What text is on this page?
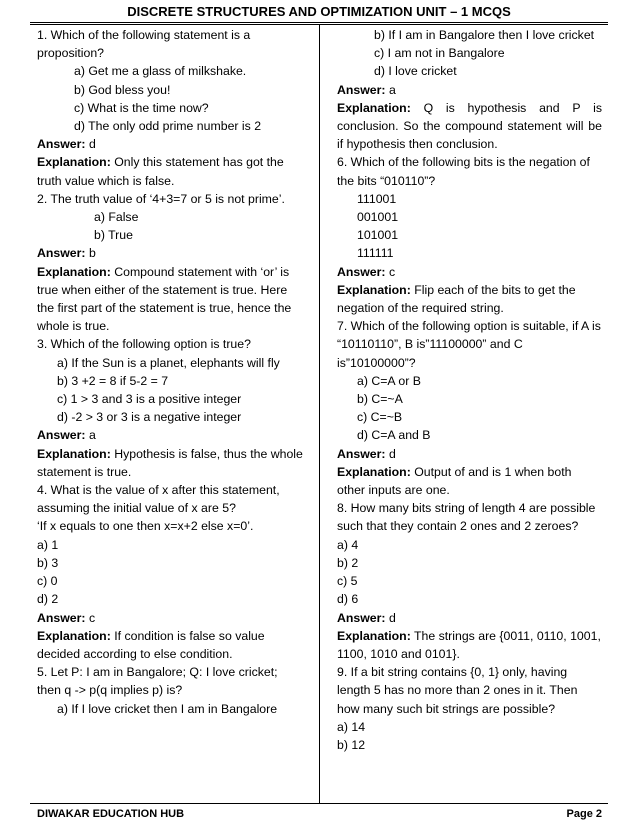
DISCRETE STRUCTURES AND OPTIMIZATION UNIT – 1 MCQS

1. Which of the following statement is a proposition?

a) Get me a glass of milkshake.

b) God bless you!

c) What is the time now?

d) The only odd prime number is 2

Answer: d

Explanation: Only this statement has got the truth value which is false.

2. The truth value of ‘4+3=7 or 5 is not prime’.

a) False

b) True

Answer: b

Explanation: Compound statement with ‘or’ is true when either of the statement is true. Here the first part of the statement is true, hence the whole is true.

3. Which of the following option is true?

a) If the Sun is a planet, elephants will fly

b) 3 +2 = 8 if 5-2 = 7

c) 1 > 3 and 3 is a positive integer

d) -2 > 3 or 3 is a negative integer

Answer: a

Explanation: Hypothesis is false, thus the whole statement is true.

4. What is the value of x after this statement, assuming the initial value of x are 5?

‘If x equals to one then x=x+2 else x=0’.

a) 1

b) 3

c) 0

d) 2

Answer: c

Explanation: If condition is false so value decided according to else condition.

5. Let P: I am in Bangalore; Q: I love cricket; then q -> p(q implies p) is?

a) If I love cricket then I am in Bangalore

b) If I am in Bangalore then I love cricket

c) I am not in Bangalore

d) I love cricket

Answer: a

Explanation: Q is hypothesis and P is conclusion. So the compound statement will be if hypothesis then conclusion.

6. Which of the following bits is the negation of the bits “010110”?

111001

001001

101001

111111

Answer: c

Explanation: Flip each of the bits to get the negation of the required string.

7. Which of the following option is suitable, if A is “10110110”, B is”11100000” and C is”10100000”?

a) C=A or B

b) C=~A

c) C=~B

d) C=A and B

Answer: d

Explanation: Output of and is 1 when both other inputs are one.

8. How many bits string of length 4 are possible such that they contain 2 ones and 2 zeroes?

a) 4

b) 2

c) 5

d) 6

Answer: d

Explanation: The strings are {0011, 0110, 1001, 1100, 1010 and 0101}.

9. If a bit string contains {0, 1} only, having length 5 has no more than 2 ones in it. Then how many such bit strings are possible?

a) 14

b) 12

DIWAKAR EDUCATION HUB	Page 2
